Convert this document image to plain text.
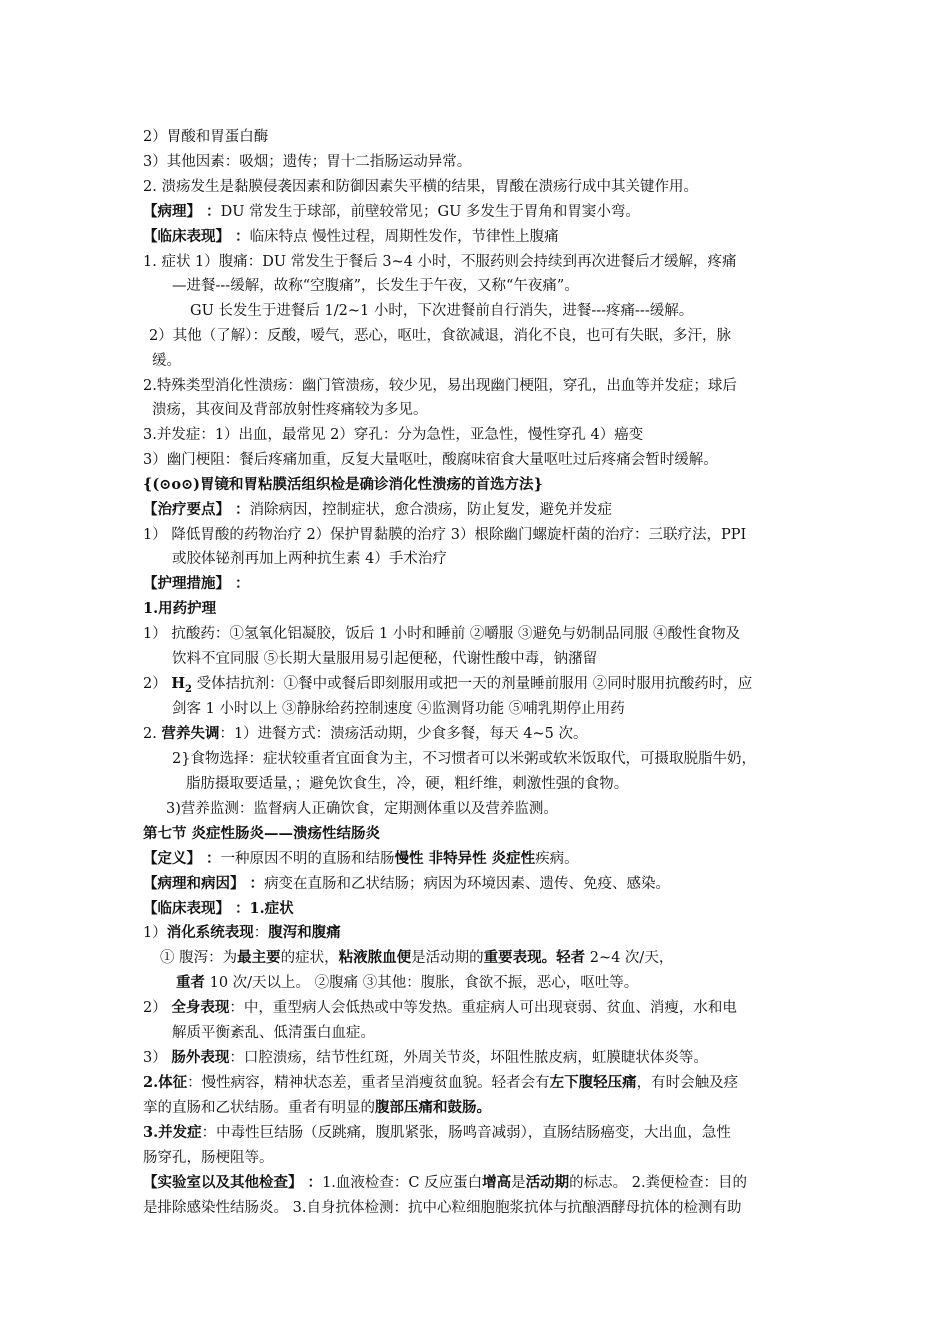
2）胃酸和胃蛋白酶
3）其他因素：吸烟；遗传；胃十二指肠运动异常。
2. 溃疡发生是黏膜侵袭因素和防御因素失平横的结果，胃酸在溃疡行成中其关键作用。
【病理】 ：DU 常发生于球部，前壁较常见；GU 多发生于胃角和胃窦小弯。
【临床表现】 ：临床特点 慢性过程，周期性发作，节律性上腹痛
1. 症状 1）腹痛：DU 常发生于餐后 3~4 小时，不服药则会持续到再次进餐后才缓解，疼痛
—进餐---缓解，故称“空腹痛”，长发生于午夜，又称“午夜痛”。
GU 长发生于进餐后 1/2~1 小时，下次进餐前自行消失，进餐---疼痛---缓解。
2）其他（了解）：反酸，嗳气，恶心，呕吐，食欲减退，消化不良，也可有失眠，多汗，脉
缓。
2.特殊类型消化性溃疡：幽门管溃疡，较少见，易出现幽门梗阻，穿孔，出血等并发症；球后
溃疡，其夜间及背部放射性疼痛较为多见。
3.并发症：1）出血，最常见 2）穿孔：分为急性，亚急性，慢性穿孔 4）癌变
3）幽门梗阻：餐后疼痛加重，反复大量呕吐，酸腐味宿食大量呕吐过后疼痛会暂时缓解。
{(⊙o⊙)胃镜和胃粘膜活组织检是确诊消化性溃疡的首选方法}
【治疗要点】 ：消除病因，控制症状，愈合溃疡，防止复发，避免并发症
1） 降低胃酸的药物治疗 2）保护胃黏膜的治疗 3）根除幽门螺旋杆菌的治疗：三联疗法，PPI
或胶体铋剂再加上两种抗生素 4）手术治疗
【护理措施】 ：
1.用药护理
1） 抗酸药：①氢氧化铝凝胶，饭后 1 小时和睡前 ②嚼服 ③避免与奶制品同服 ④酸性食物及
饮料不宜同服 ⑤长期大量服用易引起便秘，代谢性酸中毒，钠潴留
2） $H_2$ 受体拮抗剂：①餐中或餐后即刻服用或把一天的剂量睡前服用 ②同时服用抗酸药时，应
剑客 1 小时以上 ③静脉给药控制速度 ④监测肾功能 ⑤哺乳期停止用药
2. 营养失调：1）进餐方式：溃疡活动期，少食多餐，每天 4~5 次。
2}食物选择：症状较重者宜面食为主，不习惯者可以米粥或软米饭取代，可摄取脱脂牛奶，
脂肪摄取要适量，；避免饮食生，冷，硬，粗纤维，刺激性强的食物。
3)营养监测：监督病人正确饮食，定期测体重以及营养监测。
第七节 炎症性肠炎——溃疡性结肠炎
【定义】 ：一种原因不明的直肠和结肠慢性 非特异性 炎症性疾病。
【病理和病因】 ：病变在直肠和乙状结肠；病因为环境因素、遗传、免疫、感染。
【临床表现】 ：1.症状
1）消化系统表现：腹泻和腹痛
① 腹泻：为最主要的症状，粘液脓血便是活动期的重要表现。轻者 2~4 次/天，
重者 10 次/天以上。 ②腹痛 ③其他：腹胀，食欲不振，恶心，呕吐等。
2） 全身表现：中，重型病人会低热或中等发热。重症病人可出现衰弱、贫血、消瘦，水和电
解质平衡紊乱、低清蛋白血症。
3） 肠外表现：口腔溃疡，结节性红斑，外周关节炎，坏阻性脓皮病，虹膜睫状体炎等。
2.体征：慢性病容，精神状态差，重者呈消瘦贫血貌。轻者会有左下腹轻压痛，有时会触及痉
挛的直肠和乙状结肠。重者有明显的腹部压痛和鼓肠。
3.并发症：中毒性巨结肠（反跳痛，腹肌紧张，肠鸣音减弱），直肠结肠癌变，大出血，急性
肠穿孔，肠梗阻等。
【实验室以及其他检查】 ：1.血液检查：C 反应蛋白增高是活动期的标志。 2.粪便检查：目的
是排除感染性结肠炎。 3.自身抗体检测：抗中心粒细胞胞浆抗体与抗酿酒酵母抗体的检测有助
